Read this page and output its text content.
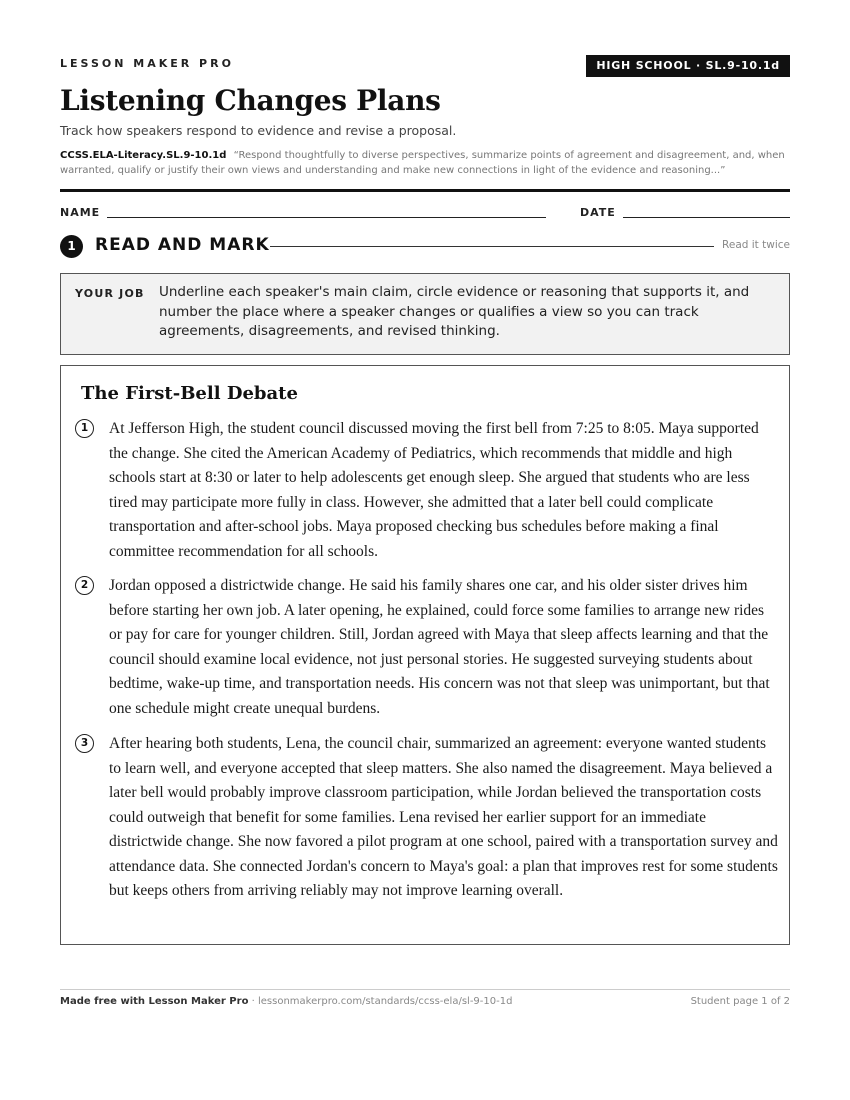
LESSON MAKER PRO	HIGH SCHOOL · SL.9-10.1d
Listening Changes Plans
Track how speakers respond to evidence and revise a proposal.
CCSS.ELA-Literacy.SL.9-10.1d “Respond thoughtfully to diverse perspectives, summarize points of agreement and disagreement, and, when warranted, qualify or justify their own views and understanding and make new connections in light of the evidence and reasoning...”
NAME	DATE
1	READ AND MARK	Read it twice
YOUR JOB Underline each speaker's main claim, circle evidence or reasoning that supports it, and number the place where a speaker changes or qualifies a view so you can track agreements, disagreements, and revised thinking.
The First-Bell Debate
1	At Jefferson High, the student council discussed moving the first bell from 7:25 to 8:05. Maya supported the change. She cited the American Academy of Pediatrics, which recommends that middle and high schools start at 8:30 or later to help adolescents get enough sleep. She argued that students who are less tired may participate more fully in class. However, she admitted that a later bell could complicate transportation and after-school jobs. Maya proposed checking bus schedules before making a final committee recommendation for all schools.

2	Jordan opposed a districtwide change. He said his family shares one car, and his older sister drives him before starting her own job. A later opening, he explained, could force some families to arrange new rides or pay for care for younger children. Still, Jordan agreed with Maya that sleep affects learning and that the council should examine local evidence, not just personal stories. He suggested surveying students about bedtime, wake-up time, and transportation needs. His concern was not that sleep was unimportant, but that one schedule might create unequal burdens.

3	After hearing both students, Lena, the council chair, summarized an agreement: everyone wanted students to learn well, and everyone accepted that sleep matters. She also named the disagreement. Maya believed a later bell would probably improve classroom participation, while Jordan believed the transportation costs could outweigh that benefit for some families. Lena revised her earlier support for an immediate districtwide change. She now favored a pilot program at one school, paired with a transportation survey and attendance data. She connected Jordan's concern to Maya's goal: a plan that improves rest for some students but keeps others from arriving reliably may not improve learning overall.

Made free with Lesson Maker Pro · lessonmakerpro.com/standards/ccss-ela/sl-9-10-1d	Student page 1 of 2
